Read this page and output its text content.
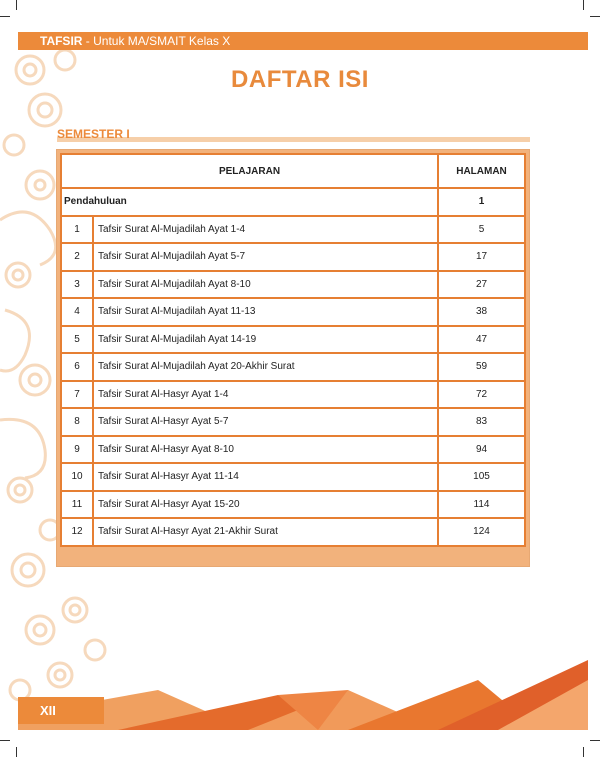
TAFSIR - Untuk MA/SMAIT Kelas X
DAFTAR ISI
SEMESTER I
PELAJARAN		HALAMAN
Pendahuluan		1
1	Tafsir Surat Al-Mujadilah Ayat 1-4	5
2	Tafsir Surat Al-Mujadilah Ayat 5-7	17
3	Tafsir Surat Al-Mujadilah Ayat 8-10	27
4	Tafsir Surat Al-Mujadilah Ayat 11-13	38
5	Tafsir Surat Al-Mujadilah Ayat 14-19	47
6	Tafsir Surat Al-Mujadilah Ayat 20-Akhir Surat	59
7	Tafsir Surat Al-Hasyr Ayat 1-4	72
8	Tafsir Surat Al-Hasyr Ayat 5-7	83
9	Tafsir Surat Al-Hasyr Ayat 8-10	94
10	Tafsir Surat Al-Hasyr Ayat 11-14	105
11	Tafsir Surat Al-Hasyr Ayat 15-20	114
12	Tafsir Surat Al-Hasyr Ayat 21-Akhir Surat	124
XII
